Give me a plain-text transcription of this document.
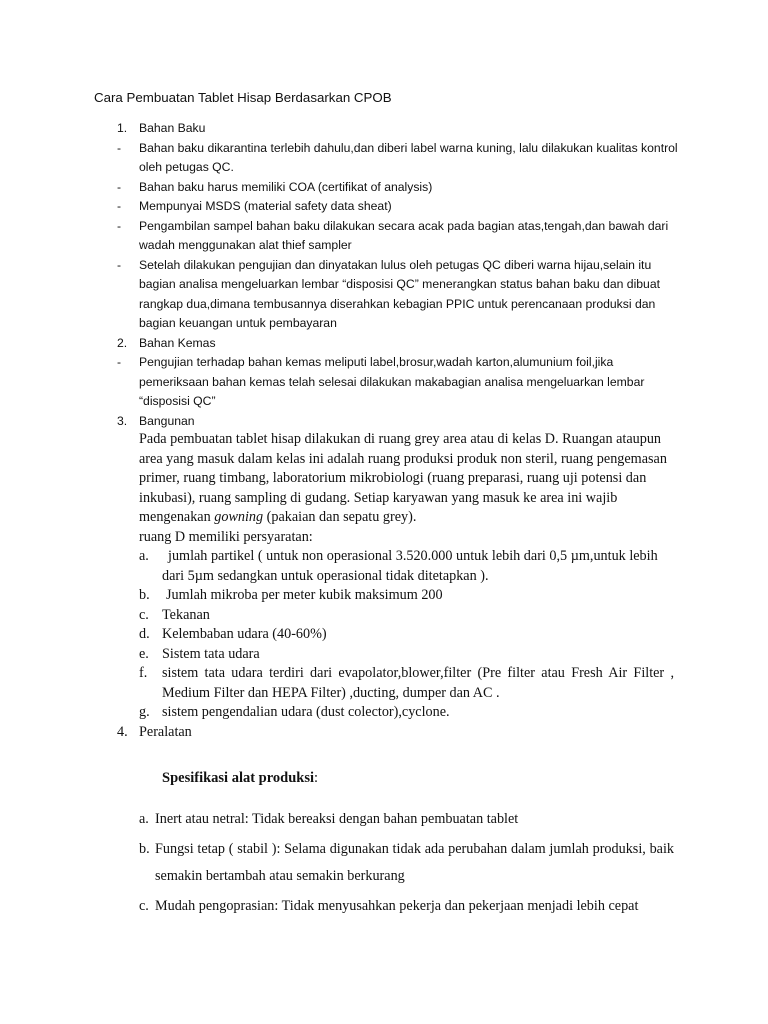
Cara Pembuatan Tablet Hisap Berdasarkan CPOB
1. Bahan Baku
- Bahan baku dikarantina terlebih dahulu,dan diberi label warna kuning, lalu dilakukan kualitas kontrol oleh petugas QC.
- Bahan baku harus memiliki COA (certifikat of analysis)
- Mempunyai MSDS (material safety data sheat)
- Pengambilan sampel bahan baku dilakukan secara acak pada bagian atas,tengah,dan bawah dari wadah menggunakan alat thief sampler
- Setelah dilakukan pengujian dan dinyatakan lulus oleh petugas QC diberi warna hijau,selain itu bagian analisa mengeluarkan lembar “disposisi QC” menerangkan status bahan baku dan dibuat rangkap dua,dimana tembusannya diserahkan kebagian PPIC untuk perencanaan produksi dan bagian keuangan untuk pembayaran
2. Bahan Kemas
- Pengujian terhadap bahan kemas meliputi label,brosur,wadah karton,alumunium foil,jika pemeriksaan bahan kemas telah selesai dilakukan makabagian analisa mengeluarkan lembar “disposisi QC”
3. Bangunan
Pada pembuatan tablet hisap dilakukan di ruang grey area atau di kelas D. Ruangan ataupun area yang masuk dalam kelas ini adalah ruang produksi produk non steril, ruang pengemasan primer, ruang timbang, laboratorium mikrobiologi (ruang preparasi, ruang uji potensi dan inkubasi), ruang sampling di gudang. Setiap karyawan yang masuk ke area ini wajib mengenakan gowning (pakaian dan sepatu grey).
ruang D memiliki persyaratan:
a.	jumlah partikel ( untuk non operasional 3.520.000 untuk lebih dari 0,5 µm,untuk lebih dari 5µm sedangkan untuk operasional tidak ditetapkan ).
b. Jumlah mikroba per meter kubik maksimum 200
c. Tekanan
d. Kelembaban udara (40-60%)
e. Sistem tata udara
f. sistem tata udara terdiri dari evapolator,blower,filter (Pre filter atau Fresh Air Filter , Medium Filter dan HEPA Filter) ,ducting, dumper dan AC .
g. sistem pengendalian udara (dust colector),cyclone.
4. Peralatan
Spesifikasi alat produksi:
a. Inert atau netral: Tidak bereaksi dengan bahan pembuatan tablet
b. Fungsi tetap ( stabil ): Selama digunakan tidak ada perubahan dalam jumlah produksi, baik semakin bertambah atau semakin berkurang
c. Mudah pengoprasian: Tidak menyusahkan pekerja dan pekerjaan menjadi lebih cepat
